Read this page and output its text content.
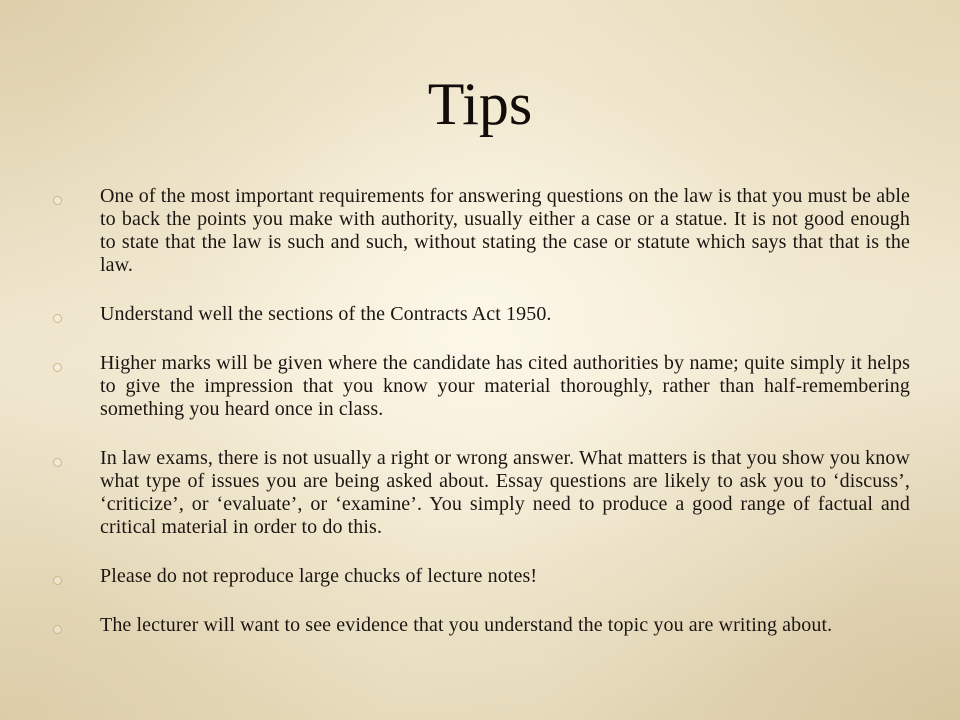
Tips
One of the most important requirements for answering questions on the law is that you must be able to back the points you make with authority, usually either a case or a statue. It is not good enough to state that the law is such and such, without stating the case or statute which says that that is the law.
Understand well the sections of the Contracts Act 1950.
Higher marks will be given where the candidate has cited authorities by name; quite simply it helps to give the impression that you know your material thoroughly, rather than half-remembering something you heard once in class.
In law exams, there is not usually a right or wrong answer. What matters is that you show you know what type of issues you are being asked about. Essay questions are likely to ask you to ‘discuss’, ‘criticize’, or ‘evaluate’, or ‘examine’. You simply need to produce a good range of factual and critical material in order to do this.
Please do not reproduce large chucks of lecture notes!
The lecturer will want to see evidence that you understand the topic you are writing about.
